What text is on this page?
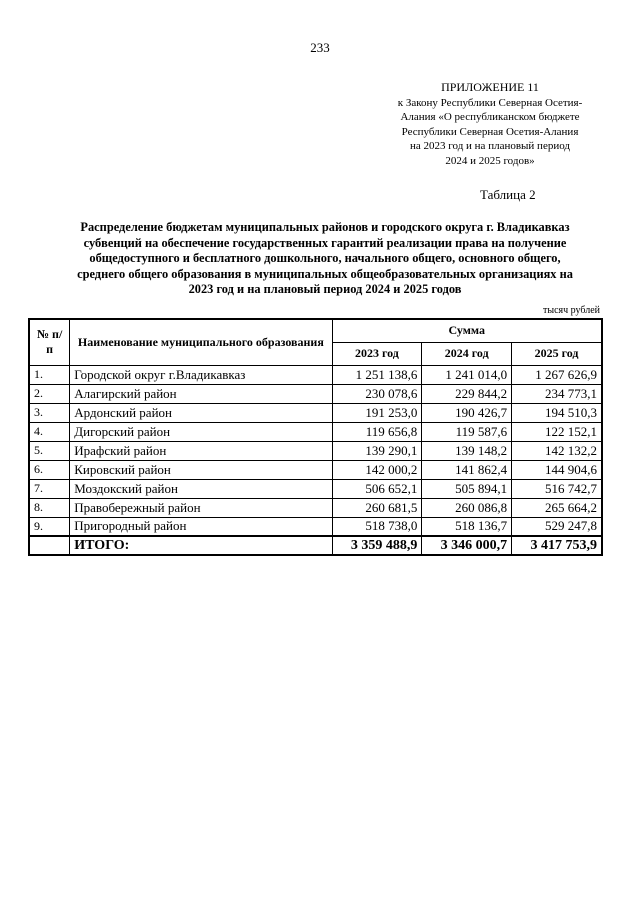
233
ПРИЛОЖЕНИЕ 11
к Закону Республики Северная Осетия-
Алания «О республиканском бюджете
Республики Северная Осетия-Алания
на 2023 год и на плановый период
2024 и 2025 годов»
Таблица 2
Распределение бюджетам муниципальных районов и городского округа г. Владикавказ
субвенций на обеспечение государственных гарантий реализации права на получение
общедоступного и бесплатного дошкольного, начального общего, основного общего,
среднего общего образования в муниципальных общеобразовательных организациях на
2023 год и на плановый период 2024 и 2025 годов
тысяч рублей
№ п/п	Наименование муниципального образования	Сумма		
		2023 год	2024 год	2025 год
1.	Городской округ г.Владикавказ	1 251 138,6	1 241 014,0	1 267 626,9
2.	Алагирский район	230 078,6	229 844,2	234 773,1
3.	Ардонский район	191 253,0	190 426,7	194 510,3
4.	Дигорский район	119 656,8	119 587,6	122 152,1
5.	Ирафский район	139 290,1	139 148,2	142 132,2
6.	Кировский район	142 000,2	141 862,4	144 904,6
7.	Моздокский район	506 652,1	505 894,1	516 742,7
8.	Правобережный район	260 681,5	260 086,8	265 664,2
9.	Пригородный район	518 738,0	518 136,7	529 247,8
	ИТОГО:	3 359 488,9	3 346 000,7	3 417 753,9
